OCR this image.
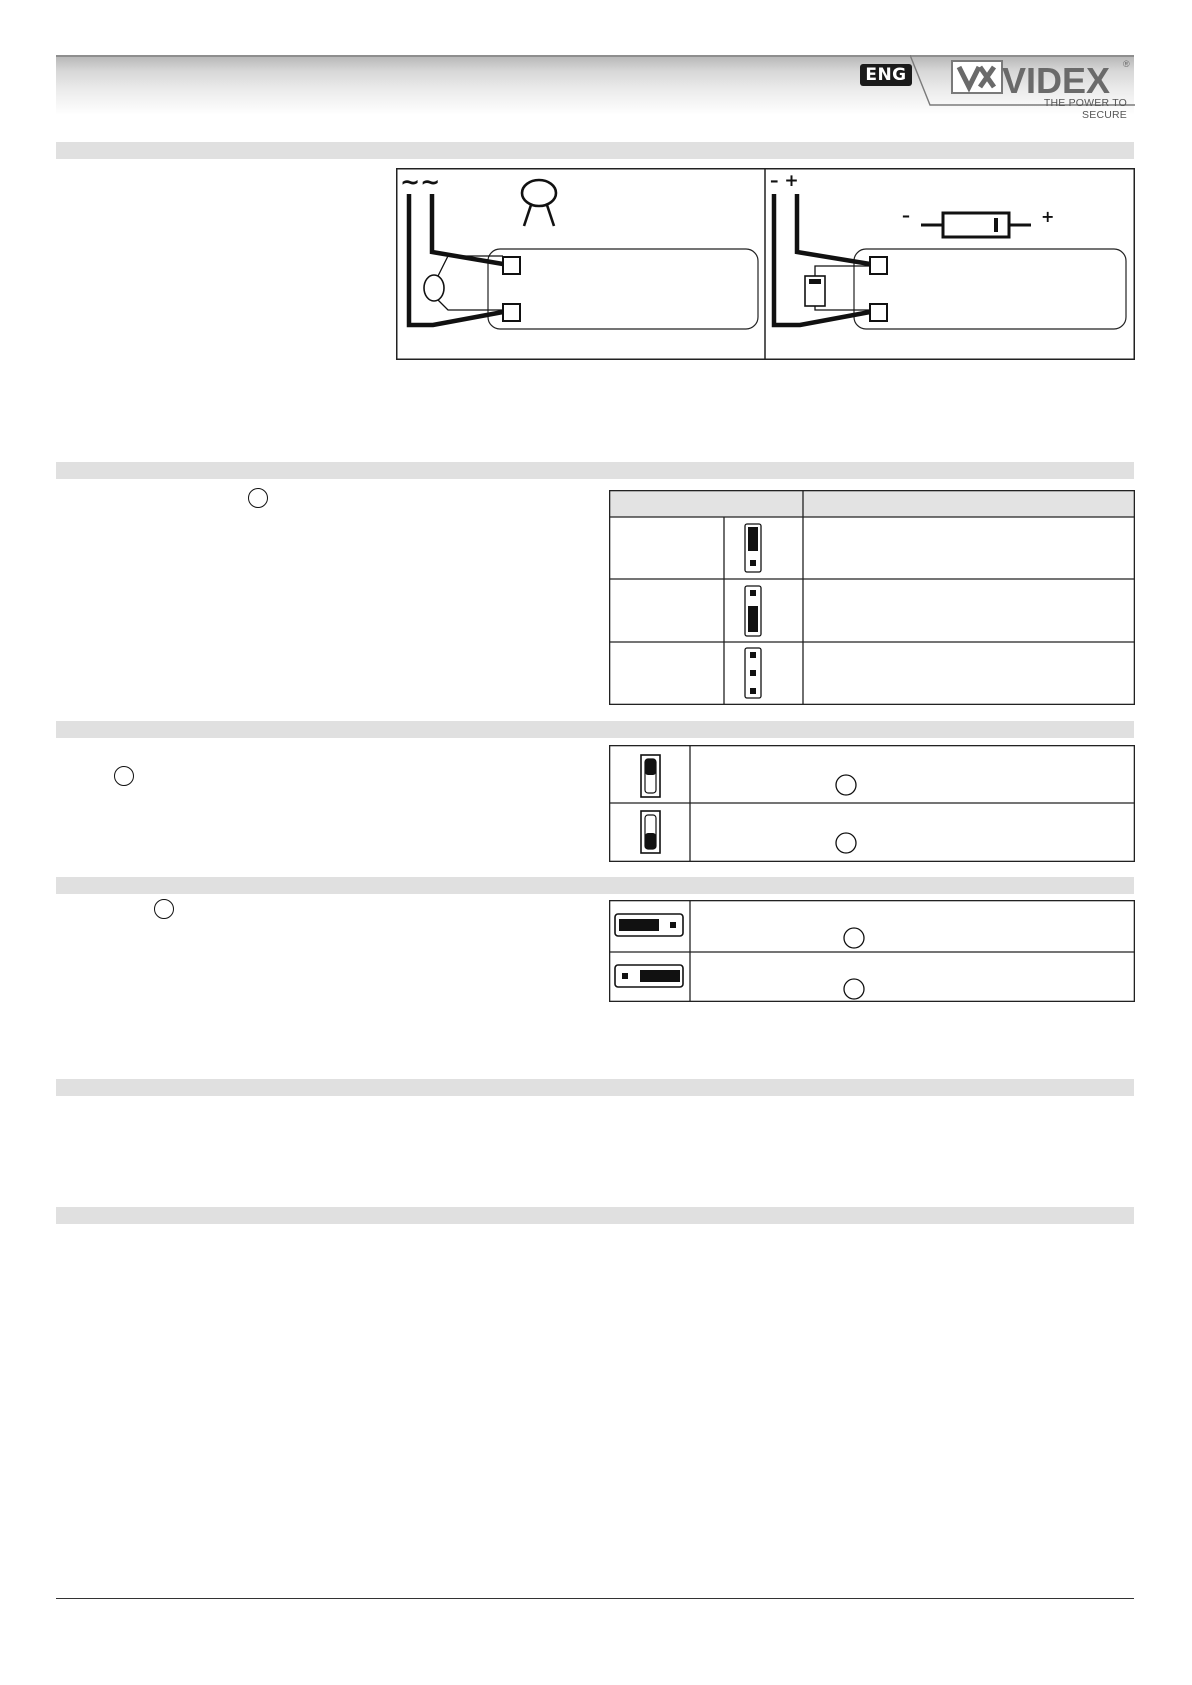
ENG	VIDEX ®
THE POWER TO SECURE
~~	– +
–	+
